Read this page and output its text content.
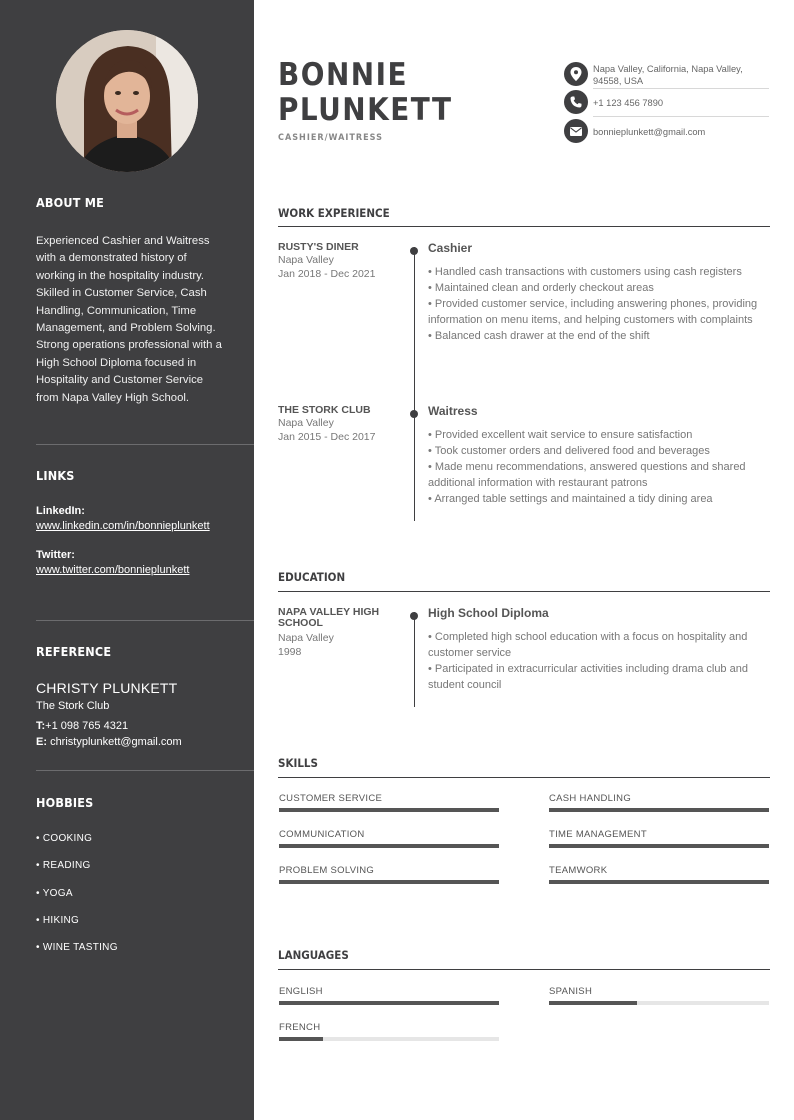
ABOUT ME
Experienced Cashier and Waitress with a demonstrated history of working in the hospitality industry. Skilled in Customer Service, Cash Handling, Communication, Time Management, and Problem Solving. Strong operations professional with a High School Diploma focused in Hospitality and Customer Service from Napa Valley High School.
LINKS
LinkedIn:
www.linkedin.com/in/bonnieplunkett
Twitter:
www.twitter.com/bonnieplunkett
REFERENCE
CHRISTY PLUNKETT
The Stork Club
T:+1 098 765 4321
E: christyplunkett@gmail.com
HOBBIES
• COOKING
• READING
• YOGA
• HIKING
• WINE TASTING
BONNIE
PLUNKETT
CASHIER/WAITRESS
Napa Valley, California, Napa Valley, 94558, USA
+1 123 456 7890
bonnieplunkett@gmail.com
WORK EXPERIENCE
RUSTY'S DINER
Napa Valley
Jan 2018 - Dec 2021
Cashier
• Handled cash transactions with customers using cash registers
• Maintained clean and orderly checkout areas
• Provided customer service, including answering phones, providing information on menu items, and helping customers with complaints
• Balanced cash drawer at the end of the shift
THE STORK CLUB
Napa Valley
Jan 2015 - Dec 2017
Waitress
• Provided excellent wait service to ensure satisfaction
• Took customer orders and delivered food and beverages
• Made menu recommendations, answered questions and shared additional information with restaurant patrons
• Arranged table settings and maintained a tidy dining area
EDUCATION
NAPA VALLEY HIGH SCHOOL
Napa Valley
1998
High School Diploma
• Completed high school education with a focus on hospitality and customer service
• Participated in extracurricular activities including drama club and student council
SKILLS
CUSTOMER SERVICE	CASH HANDLING
COMMUNICATION	TIME MANAGEMENT
PROBLEM SOLVING	TEAMWORK
LANGUAGES
ENGLISH	SPANISH
FRENCH
